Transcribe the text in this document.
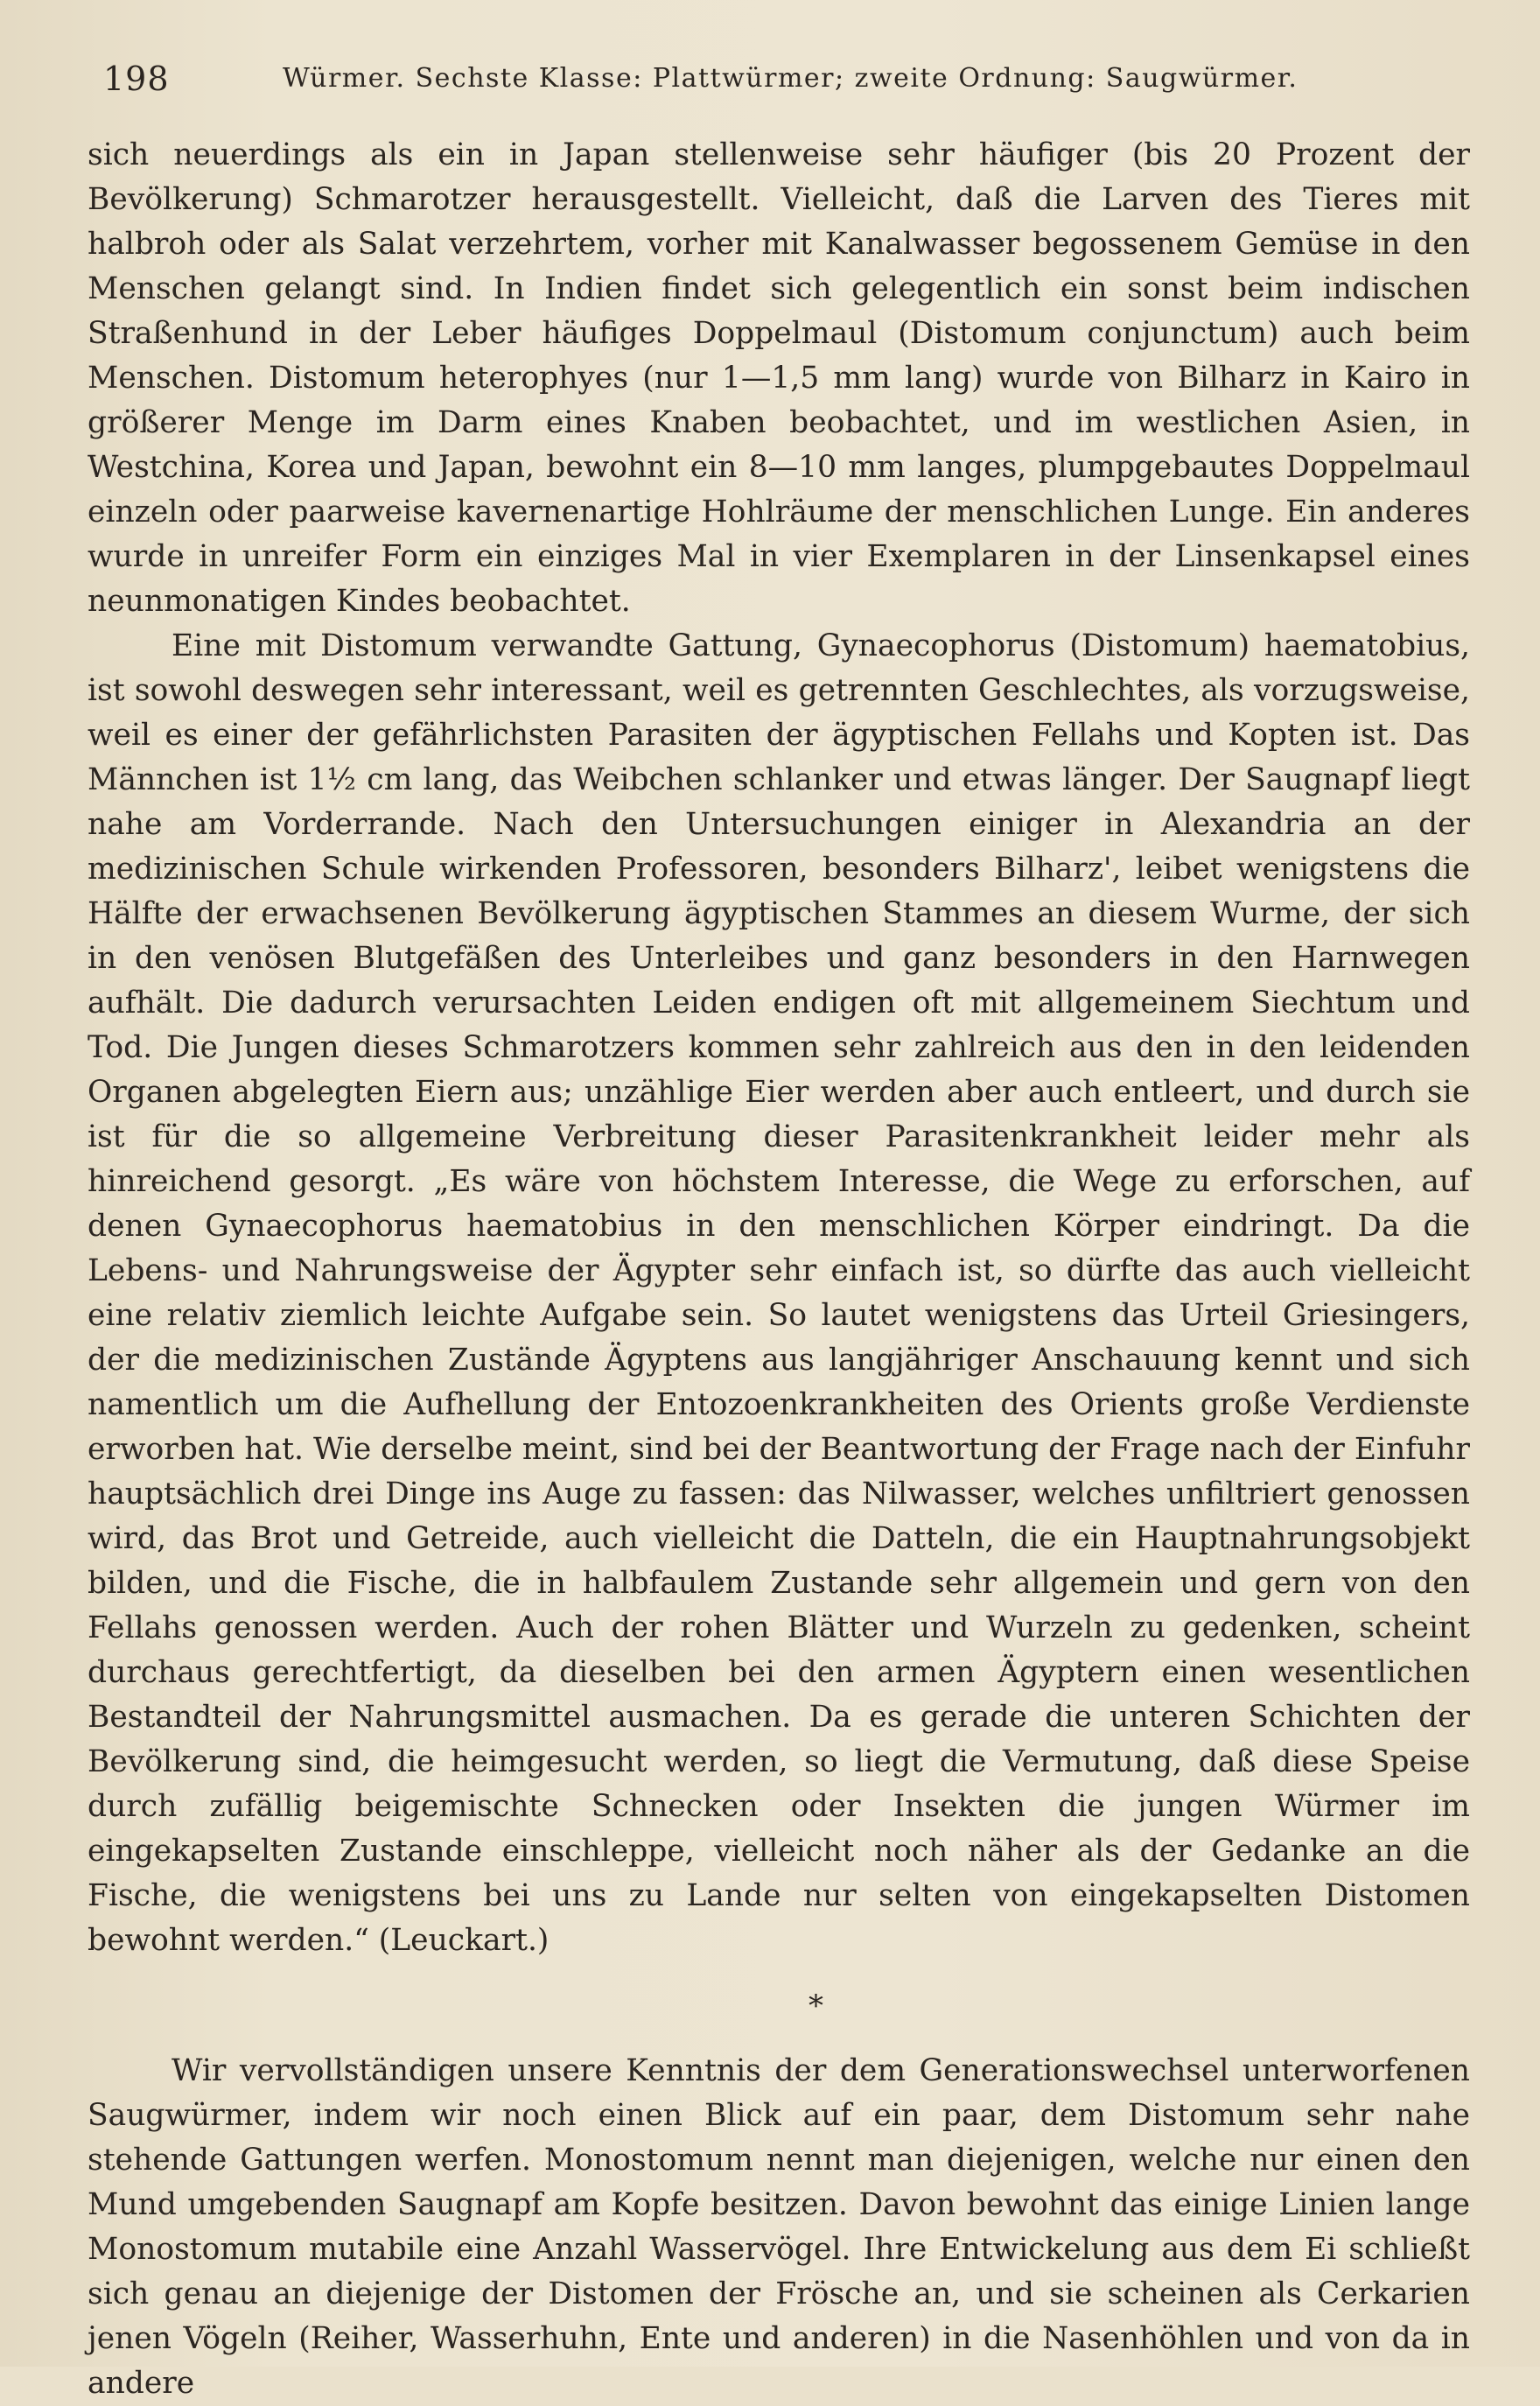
198	Würmer. Sechste Klasse: Plattwürmer; zweite Ordnung: Saugwürmer.

sich neuerdings als ein in Japan stellenweise sehr häufiger (bis 20 Prozent der Bevölkerung) Schmarotzer herausgestellt. Vielleicht, daß die Larven des Tieres mit halbroh oder als Salat verzehrtem, vorher mit Kanalwasser begossenem Gemüse in den Menschen gelangt sind. In Indien findet sich gelegentlich ein sonst beim indischen Straßenhund in der Leber häufiges Doppelmaul (Distomum conjunctum) auch beim Menschen. Distomum heterophyes (nur 1—1,5 mm lang) wurde von Bilharz in Kairo in größerer Menge im Darm eines Knaben beobachtet, und im westlichen Asien, in Westchina, Korea und Japan, bewohnt ein 8—10 mm langes, plumpgebautes Doppelmaul einzeln oder paarweise kavernenartige Hohlräume der menschlichen Lunge. Ein anderes wurde in unreifer Form ein einziges Mal in vier Exemplaren in der Linsenkapsel eines neunmonatigen Kindes beobachtet.

Eine mit Distomum verwandte Gattung, Gynaecophorus (Distomum) haematobius, ist sowohl deswegen sehr interessant, weil es getrennten Geschlechtes, als vorzugsweise, weil es einer der gefährlichsten Parasiten der ägyptischen Fellahs und Kopten ist. Das Männchen ist 1½ cm lang, das Weibchen schlanker und etwas länger. Der Saugnapf liegt nahe am Vorderrande. Nach den Untersuchungen einiger in Alexandria an der medizinischen Schule wirkenden Professoren, besonders Bilharz', leibet wenigstens die Hälfte der erwachsenen Bevölkerung ägyptischen Stammes an diesem Wurme, der sich in den venösen Blutgefäßen des Unterleibes und ganz besonders in den Harnwegen aufhält. Die dadurch verursachten Leiden endigen oft mit allgemeinem Siechtum und Tod. Die Jungen dieses Schmarotzers kommen sehr zahlreich aus den in den leidenden Organen abgelegten Eiern aus; unzählige Eier werden aber auch entleert, und durch sie ist für die so allgemeine Verbreitung dieser Parasitenkrankheit leider mehr als hinreichend gesorgt. „Es wäre von höchstem Interesse, die Wege zu erforschen, auf denen Gynaecophorus haematobius in den menschlichen Körper eindringt. Da die Lebens- und Nahrungsweise der Ägypter sehr einfach ist, so dürfte das auch vielleicht eine relativ ziemlich leichte Aufgabe sein. So lautet wenigstens das Urteil Griesingers, der die medizinischen Zustände Ägyptens aus langjähriger Anschauung kennt und sich namentlich um die Aufhellung der Entozoenkrankheiten des Orients große Verdienste erworben hat. Wie derselbe meint, sind bei der Beantwortung der Frage nach der Einfuhr hauptsächlich drei Dinge ins Auge zu fassen: das Nilwasser, welches unfiltriert genossen wird, das Brot und Getreide, auch vielleicht die Datteln, die ein Hauptnahrungsobjekt bilden, und die Fische, die in halbfaulem Zustande sehr allgemein und gern von den Fellahs genossen werden. Auch der rohen Blätter und Wurzeln zu gedenken, scheint durchaus gerechtfertigt, da dieselben bei den armen Ägyptern einen wesentlichen Bestandteil der Nahrungsmittel ausmachen. Da es gerade die unteren Schichten der Bevölkerung sind, die heimgesucht werden, so liegt die Vermutung, daß diese Speise durch zufällig beigemischte Schnecken oder Insekten die jungen Würmer im eingekapselten Zustande einschleppe, vielleicht noch näher als der Gedanke an die Fische, die wenigstens bei uns zu Lande nur selten von eingekapselten Distomen bewohnt werden.“ (Leuckart.)

*

Wir vervollständigen unsere Kenntnis der dem Generationswechsel unterworfenen Saugwürmer, indem wir noch einen Blick auf ein paar, dem Distomum sehr nahe stehende Gattungen werfen. Monostomum nennt man diejenigen, welche nur einen den Mund umgebenden Saugnapf am Kopfe besitzen. Davon bewohnt das einige Linien lange Monostomum mutabile eine Anzahl Wasservögel. Ihre Entwickelung aus dem Ei schließt sich genau an diejenige der Distomen der Frösche an, und sie scheinen als Cerkarien jenen Vögeln (Reiher, Wasserhuhn, Ente und anderen) in die Nasenhöhlen und von da in andere
